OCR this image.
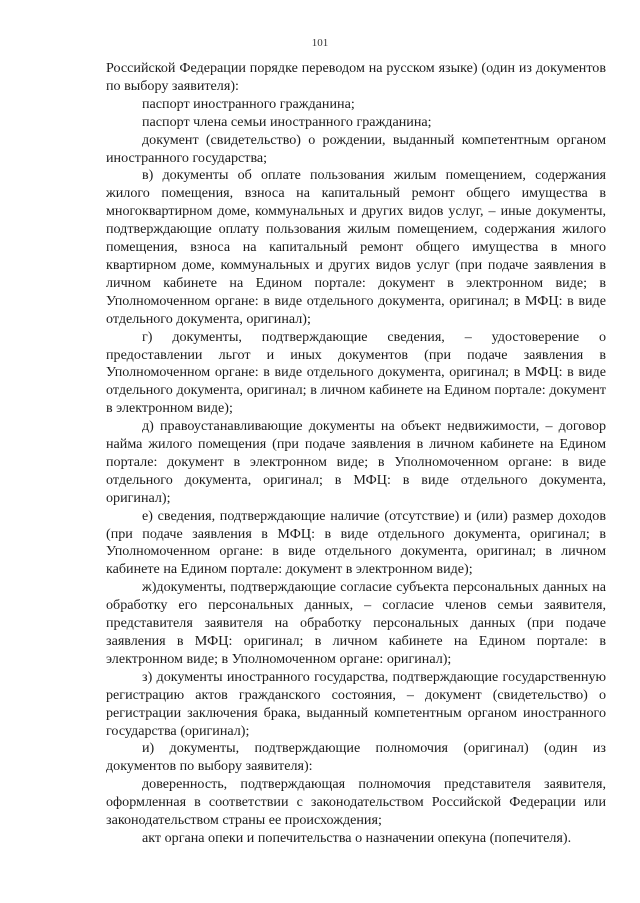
101

Российской Федерации порядке переводом на русском языке) (один из документов по выбору заявителя):

паспорт иностранного гражданина;

паспорт члена семьи иностранного гражданина;

документ (свидетельство) о рождении, выданный компетентным органом иностранного государства;

в) документы об оплате пользования жилым помещением, содержания жилого помещения, взноса на капитальный ремонт общего имущества в многоквартирном доме, коммунальных и других видов услуг, – иные документы, подтверждающие оплату пользования жилым помещением, содержания жилого помещения, взноса на капитальный ремонт общего имущества в много квартирном доме, коммунальных и других видов услуг (при подаче заявления в личном кабинете на Едином портале: документ в электронном виде; в Уполномоченном органе: в виде отдельного документа, оригинал; в МФЦ: в виде отдельного документа, оригинал);

г) документы, подтверждающие сведения, – удостоверение о предоставлении льгот и иных документов (при подаче заявления в Уполномоченном органе: в виде отдельного документа, оригинал; в МФЦ: в виде отдельного документа, оригинал; в личном кабинете на Едином портале: документ в электронном виде);

д) правоустанавливающие документы на объект недвижимости, – договор найма жилого помещения (при подаче заявления в личном кабинете на Едином портале: документ в электронном виде; в Уполномоченном органе: в виде отдельного документа, оригинал; в МФЦ: в виде отдельного документа, оригинал);

е) сведения, подтверждающие наличие (отсутствие) и (или) размер доходов (при подаче заявления в МФЦ: в виде отдельного документа, оригинал; в Уполномоченном органе: в виде отдельного документа, оригинал; в личном кабинете на Едином портале: документ в электронном виде);

ж)документы, подтверждающие согласие субъекта персональных данных на обработку его персональных данных, – согласие членов семьи заявителя, представителя заявителя на обработку персональных данных (при подаче заявления в МФЦ: оригинал; в личном кабинете на Едином портале: в электронном виде; в Уполномоченном органе: оригинал);

з) документы иностранного государства, подтверждающие государственную регистрацию актов гражданского состояния, – документ (свидетельство) о регистрации заключения брака, выданный компетентным органом иностранного государства (оригинал);

и) документы, подтверждающие полномочия (оригинал) (один из документов по выбору заявителя):

доверенность, подтверждающая полномочия представителя заявителя, оформленная в соответствии с законодательством Российской Федерации или законодательством страны ее происхождения;

акт органа опеки и попечительства о назначении опекуна (попечителя).
